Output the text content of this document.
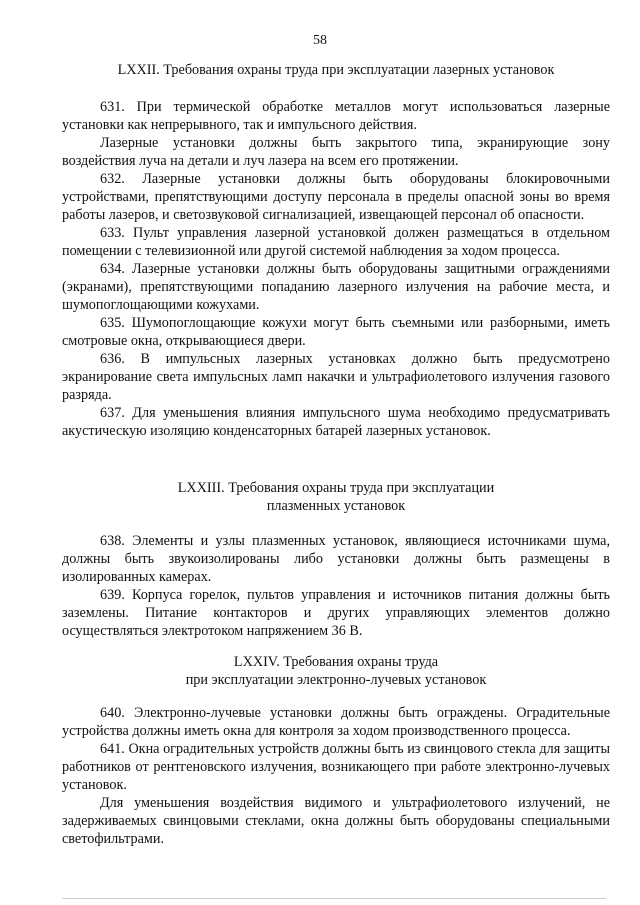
58
LXXII. Требования охраны труда при эксплуатации лазерных установок

631. При термической обработке металлов могут использоваться лазерные установки как непрерывного, так и импульсного действия.

Лазерные установки должны быть закрытого типа, экранирующие зону воздействия луча на детали и луч лазера на всем его протяжении.

632. Лазерные установки должны быть оборудованы блокировочными устройствами, препятствующими доступу персонала в пределы опасной зоны во время работы лазеров, и светозвуковой сигнализацией, извещающей персонал об опасности.

633. Пульт управления лазерной установкой должен размещаться в отдельном помещении с телевизионной или другой системой наблюдения за ходом процесса.

634. Лазерные установки должны быть оборудованы защитными ограждениями (экранами), препятствующими попаданию лазерного излучения на рабочие места, и шумопоглощающими кожухами.

635. Шумопоглощающие кожухи могут быть съемными или разборными, иметь смотровые окна, открывающиеся двери.

636. В импульсных лазерных установках должно быть предусмотрено экранирование света импульсных ламп накачки и ультрафиолетового излучения газового разряда.

637. Для уменьшения влияния импульсного шума необходимо предусматривать акустическую изоляцию конденсаторных батарей лазерных установок.

LXXIII. Требования охраны труда при эксплуатации
плазменных установок

638. Элементы и узлы плазменных установок, являющиеся источниками шума, должны быть звукоизолированы либо установки должны быть размещены в изолированных камерах.

639. Корпуса горелок, пультов управления и источников питания должны быть заземлены. Питание контакторов и других управляющих элементов должно осуществляться электротоком напряжением 36 В.

LXXIV. Требования охраны труда
при эксплуатации электронно-лучевых установок

640. Электронно-лучевые установки должны быть ограждены. Оградительные устройства должны иметь окна для контроля за ходом производственного процесса.

641. Окна оградительных устройств должны быть из свинцового стекла для защиты работников от рентгеновского излучения, возникающего при работе электронно-лучевых установок.

Для уменьшения воздействия видимого и ультрафиолетового излучений, не задерживаемых свинцовыми стеклами, окна должны быть оборудованы специальными светофильтрами.
